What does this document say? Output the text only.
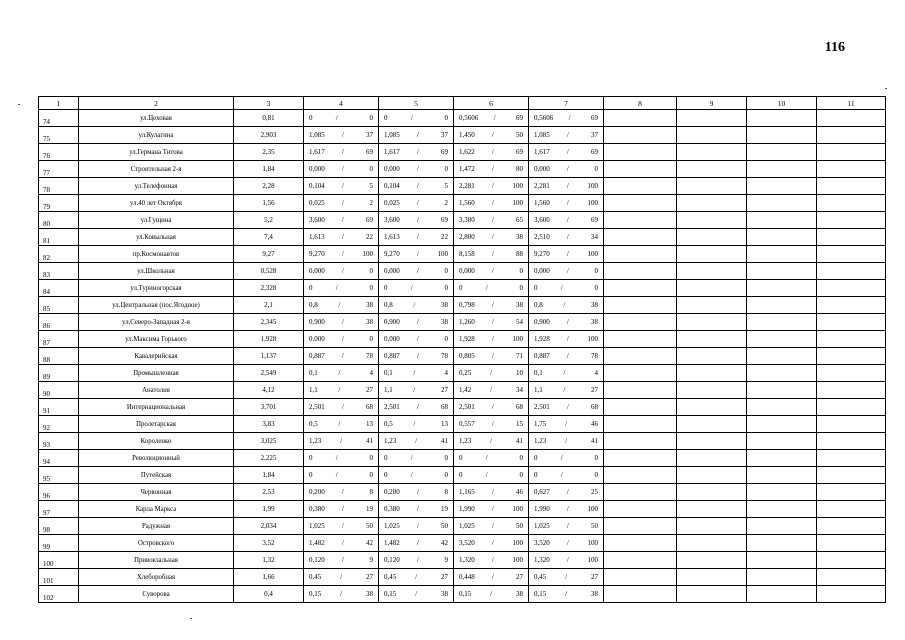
116
1	2	3	4	5	6	7	8	9	10	11
74	ул.Цеховая	0,81	0 / 0	0 / 0	0,5606 / 69	0,5606 / 69				

75	ул.Кулагина	2,903	1,085 / 37	1,085 / 37	1,450 / 50	1,085 / 37				

76	ул.Германа Титова	2,35	1,617 / 69	1,617 / 69	1,622 / 69	1,617 / 69				

77	Строительная 2-я	1,84	0,000 / 0	0,000 / 0	1,472 / 80	0,000 / 0				

78	ул.Телефонная	2,28	0,104 / 5	0,104 / 5	2,281 / 100	2,281 / 100				

79	ул.40 лет Октября	1,56	0,025 / 2	0,025 / 2	1,560 / 100	1,560 / 100				

80	ул.Гущина	5,2	3,600 / 69	3,600 / 69	3,380 / 65	3,600 / 69				

81	ул.Ковыльная	7,4	1,613 / 22	1,613 / 22	2,800 / 38	2,510 / 34				

82	пр.Космонавтов	9,27	9,270 / 100	9,270 / 100	8,158 / 88	9,270 / 100				

83	ул.Школьная	0,528	0,000 / 0	0,000 / 0	0,000 / 0	0,000 / 0				

84	ул.Туриногорская	2,328	0 / 0	0 / 0	0 / 0	0 / 0				

85	ул.Центральная (пос.Ягодное)	2,1	0,8 / 38	0,8 / 38	0,798 / 38	0,8 / 38				

86	ул.Северо-Западная 2-я	2,345	0,900 / 38	0,900 / 38	1,260 / 54	0,900 / 38				

87	ул.Максима Горького	1,928	0,000 / 0	0,000 / 0	1,928 / 100	1,928 / 100				

88	Кавалерийская	1,137	0,887 / 78	0,887 / 78	0,805 / 71	0,887 / 78				

89	Промышленная	2,549	0,1 / 4	0,1 / 4	0,25 / 10	0,1 / 4				

90	Анатолия	4,12	1,1 / 27	1,1 / 27	1,42 / 34	1,1 / 27				

91	Интернациональная	3,701	2,501 / 68	2,501 / 68	2,501 / 68	2,501 / 68				

92	Пролетарская	3,83	0,5 / 13	0,5 / 13	0,557 / 15	1,75 / 46				

93	Короленко	3,025	1,23 / 41	1,23 / 41	1,23 / 41	1,23 / 41				

94	Революционный	2,225	0 / 0	0 / 0	0 / 0	0 / 0				

95	Путейская	1,84	0 / 0	0 / 0	0 / 0	0 / 0				

96	Червонная	2,53	0,200 / 8	0,200 / 8	1,165 / 46	0,627 / 25				

97	Карла Маркса	1,99	0,380 / 19	0,380 / 19	1,990 / 100	1,990 / 100				

98	Радужная	2,034	1,025 / 50	1,025 / 50	1,025 / 50	1,025 / 50				

99	Островского	3,52	1,482 / 42	1,482 / 42	3,520 / 100	3,520 / 100				

100	Привокзальная	1,32	0,120 / 9	0,120 / 9	1,320 / 100	1,320 / 100				

101	Хлеборобная	1,66	0,45 / 27	0,45 / 27	0,448 / 27	0,45 / 27				

102	Суворова	0,4	0,15 / 38	0,15 / 38	0,15 / 38	0,15 / 38				
